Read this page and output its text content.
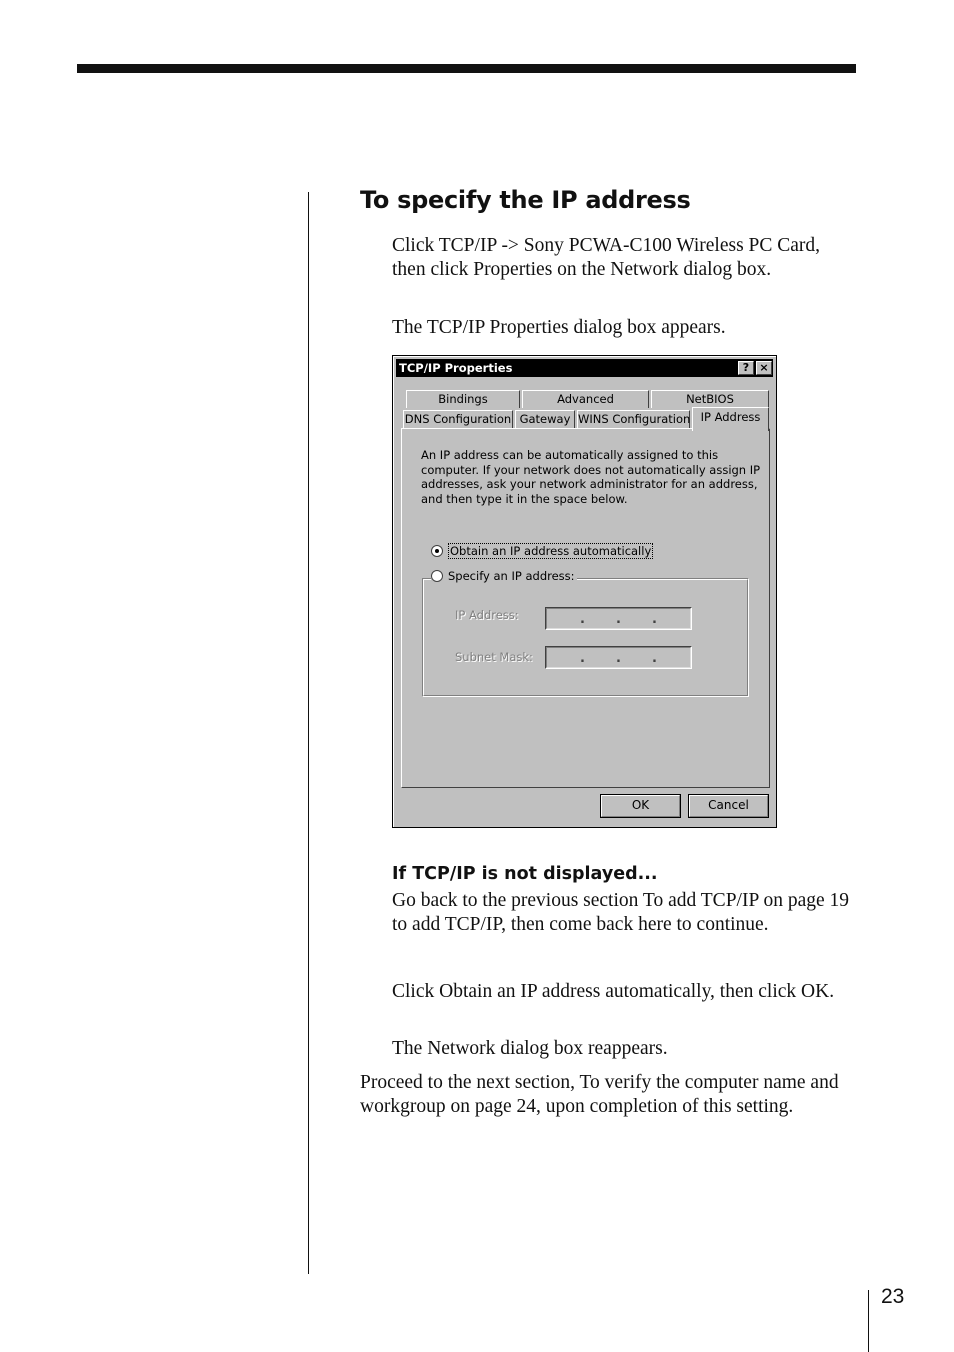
To specify the IP address
Click TCP/IP -> Sony PCWA-C100 Wireless PC Card, then click Properties on the Network dialog box.
The TCP/IP Properties dialog box appears.
TCP/IP Properties	? ×
Bindings	Advanced	NetBIOS
DNS Configuration Gateway WINS Configuration IP Address
An IP address can be automatically assigned to this computer. If your network does not automatically assign IP addresses, ask your network administrator for an address, and then type it in the space below.
Obtain an IP address automatically
Specify an IP address:
IP Address:	. . .
Subnet Mask:	. . .
OK	Cancel
If TCP/IP is not displayed...
Go back to the previous section To add TCP/IP on page 19 to add TCP/IP, then come back here to continue.
Click Obtain an IP address automatically, then click OK.
The Network dialog box reappears.
Proceed to the next section, To verify the computer name and workgroup on page 24, upon completion of this setting.
23
